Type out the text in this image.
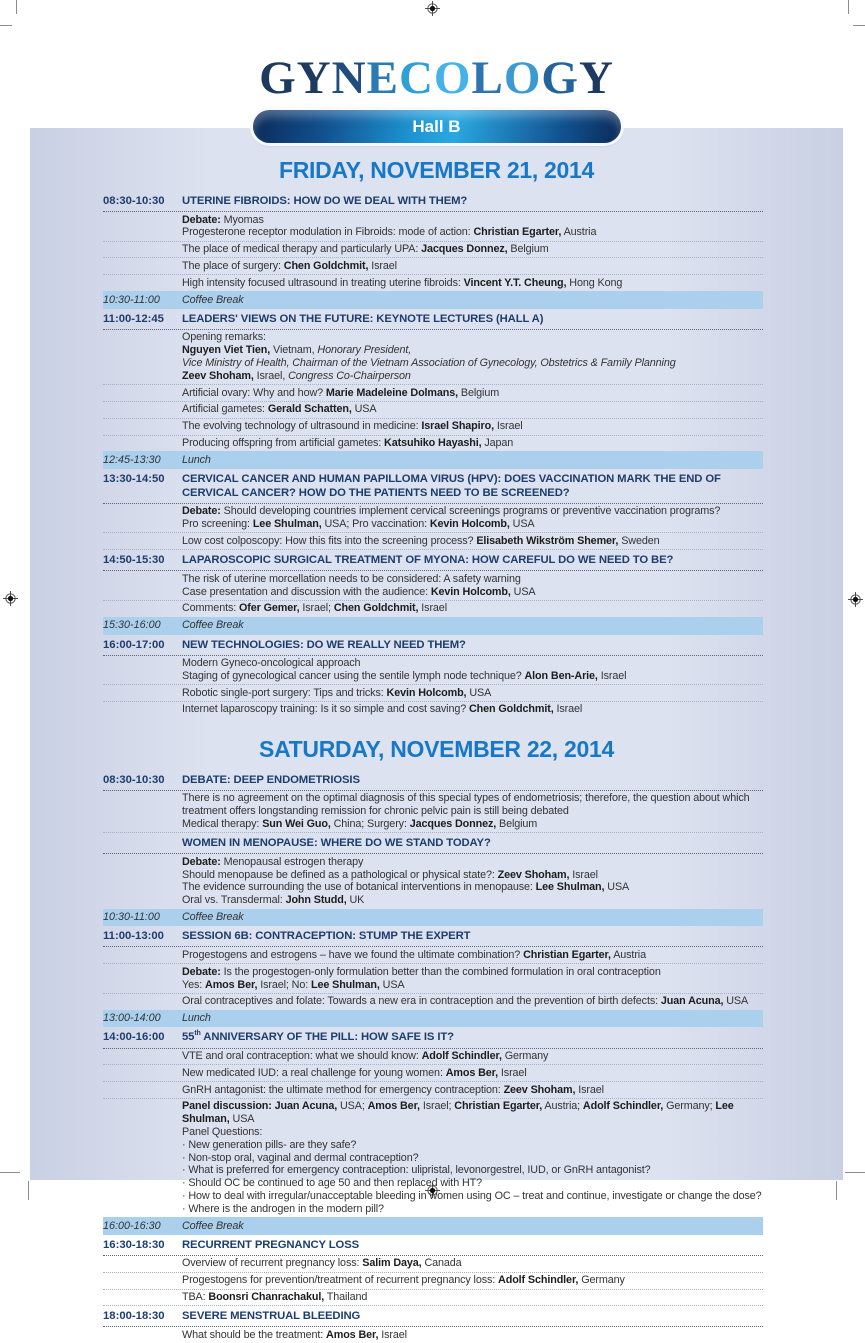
GYNECOLOGY
Hall B
FRIDAY, NOVEMBER 21, 2014
08:30-10:30	UTERINE FIBROIDS: HOW DO WE DEAL WITH THEM?
Debate: Myomas
Progesterone receptor modulation in Fibroids: mode of action: Christian Egarter, Austria
The place of medical therapy and particularly UPA: Jacques Donnez, Belgium
The place of surgery: Chen Goldchmit, Israel
High intensity focused ultrasound in treating uterine fibroids: Vincent Y.T. Cheung, Hong Kong
10:30-11:00	Coffee Break
11:00-12:45	LEADERS' VIEWS ON THE FUTURE: KEYNOTE LECTURES (HALL A)
Opening remarks:
Nguyen Viet Tien, Vietnam, Honorary President,
Vice Ministry of Health, Chairman of the Vietnam Association of Gynecology, Obstetrics & Family Planning
Zeev Shoham, Israel, Congress Co-Chairperson
Artificial ovary: Why and how? Marie Madeleine Dolmans, Belgium
Artificial gametes: Gerald Schatten, USA
The evolving technology of ultrasound in medicine: Israel Shapiro, Israel
Producing offspring from artificial gametes: Katsuhiko Hayashi, Japan
12:45-13:30	Lunch
13:30-14:50	CERVICAL CANCER AND HUMAN PAPILLOMA VIRUS (HPV): DOES VACCINATION MARK THE END OF CERVICAL CANCER? HOW DO THE PATIENTS NEED TO BE SCREENED?
Debate: Should developing countries implement cervical screenings programs or preventive vaccination programs?
Pro screening: Lee Shulman, USA; Pro vaccination: Kevin Holcomb, USA
Low cost colposcopy: How this fits into the screening process? Elisabeth Wikström Shemer, Sweden
14:50-15:30	LAPAROSCOPIC SURGICAL TREATMENT OF MYONA: HOW CAREFUL DO WE NEED TO BE?
The risk of uterine morcellation needs to be considered: A safety warning
Case presentation and discussion with the audience: Kevin Holcomb, USA
Comments: Ofer Gemer, Israel; Chen Goldchmit, Israel
15:30-16:00	Coffee Break
16:00-17:00	NEW TECHNOLOGIES: DO WE REALLY NEED THEM?
Modern Gyneco-oncological approach
Staging of gynecological cancer using the sentile lymph node technique? Alon Ben-Arie, Israel
Robotic single-port surgery: Tips and tricks: Kevin Holcomb, USA
Internet laparoscopy training: Is it so simple and cost saving? Chen Goldchmit, Israel
SATURDAY, NOVEMBER 22, 2014
08:30-10:30	DEBATE: DEEP ENDOMETRIOSIS
There is no agreement on the optimal diagnosis of this special types of endometriosis; therefore, the question about which treatment offers longstanding remission for chronic pelvic pain is still being debated
Medical therapy: Sun Wei Guo, China; Surgery: Jacques Donnez, Belgium
WOMEN IN MENOPAUSE: WHERE DO WE STAND TODAY?
Debate: Menopausal estrogen therapy
Should menopause be defined as a pathological or physical state?: Zeev Shoham, Israel
The evidence surrounding the use of botanical interventions in menopause: Lee Shulman, USA
Oral vs. Transdermal: John Studd, UK
10:30-11:00	Coffee Break
11:00-13:00	SESSION 6B: CONTRACEPTION: STUMP THE EXPERT
Progestogens and estrogens – have we found the ultimate combination? Christian Egarter, Austria
Debate: Is the progestogen-only formulation better than the combined formulation in oral contraception
Yes: Amos Ber, Israel; No: Lee Shulman, USA
Oral contraceptives and folate: Towards a new era in contraception and the prevention of birth defects: Juan Acuna, USA
13:00-14:00	Lunch
14:00-16:00	55th ANNIVERSARY OF THE PILL: HOW SAFE IS IT?
VTE and oral contraception: what we should know: Adolf Schindler, Germany
New medicated IUD: a real challenge for young women: Amos Ber, Israel
GnRH antagonist: the ultimate method for emergency contraception: Zeev Shoham, Israel
Panel discussion: Juan Acuna, USA; Amos Ber, Israel; Christian Egarter, Austria; Adolf Schindler, Germany; Lee Shulman, USA
Panel Questions:
· New generation pills- are they safe?
· Non-stop oral, vaginal and dermal contraception?
· What is preferred for emergency contraception: ulipristal, levonorgestrel, IUD, or GnRH antagonist?
· Should OC be continued to age 50 and then replaced with HT?
· How to deal with irregular/unacceptable bleeding in women using OC – treat and continue, investigate or change the dose?
· Where is the androgen in the modern pill?
16:00-16:30	Coffee Break
16:30-18:30	RECURRENT PREGNANCY LOSS
Overview of recurrent pregnancy loss: Salim Daya, Canada
Progestogens for prevention/treatment of recurrent pregnancy loss: Adolf Schindler, Germany
TBA: Boonsri Chanrachakul, Thailand
18:00-18:30	SEVERE MENSTRUAL BLEEDING
What should be the treatment: Amos Ber, Israel
